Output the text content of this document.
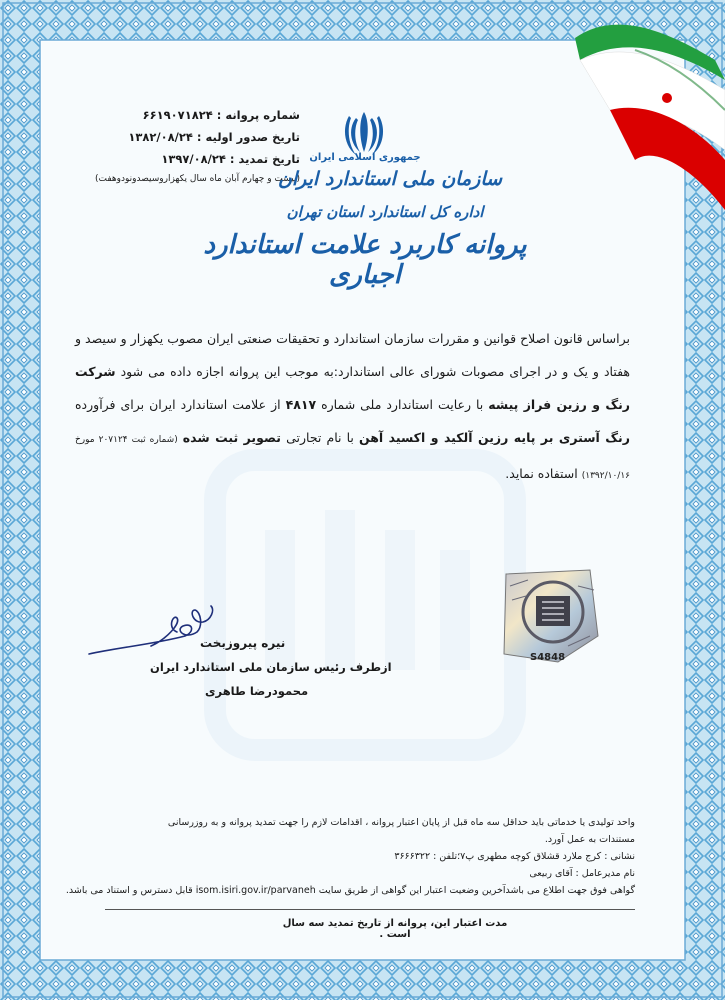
شماره پروانه : ۶۶۱۹۰۷۱۸۲۴
تاریخ صدور اولیه : ۱۳۸۲/۰۸/۲۴
تاریخ تمدید : ۱۳۹۷/۰۸/۲۴
(بیست و چهارم آبان ماه سال یکهزاروسیصدونودوهفت)
جمهوری اسلامی ایران
سازمان ملی استاندارد ایران
اداره کل استاندارد استان تهران
پروانه کاربرد علامت استاندارد اجباری
براساس قانون اصلاح قوانین و مقررات سازمان استاندارد و تحقیقات صنعتی ایران مصوب یکهزار و سیصد و هفتاد و یک و در اجرای مصوبات شورای عالی استاندارد:به موجب این پروانه اجازه داده می شود شرکت رنگ و رزین فراز پیشه با رعایت استاندارد ملی شماره ۴۸۱۷ از علامت استاندارد ایران برای فرآورده رنگ آستری بر پایه رزین آلکید و اکسید آهن با نام تجارتی تصویر ثبت شده (شماره ثبت ۲۰۷۱۲۴ مورخ ۱۳۹۲/۱۰/۱۶) استفاده نماید.
S4848
نیره پیروزبخت
ازطرف رئیس سازمان ملی استاندارد ایران
محمودرضا طاهری
واحد تولیدی یا خدماتی باید حداقل سه ماه قبل از پایان اعتبار پروانه ، اقدامات لازم را جهت تمدید پروانه و به روزرسانی
مستندات به عمل آورد.
نشانی : کرج ملارد قشلاق کوچه مطهری پ۷؛تلفن : ۳۶۶۶۳۲۲
نام مدیرعامل : آقای ربیعی
گواهی فوق جهت اطلاع می باشدآخرین وضعیت اعتبار این گواهی از طریق سایت isom.isiri.gov.ir/parvaneh قابل دسترس و استناد می باشد.
مدت اعتبار این، پروانه از تاریخ تمدید سه سال است .
